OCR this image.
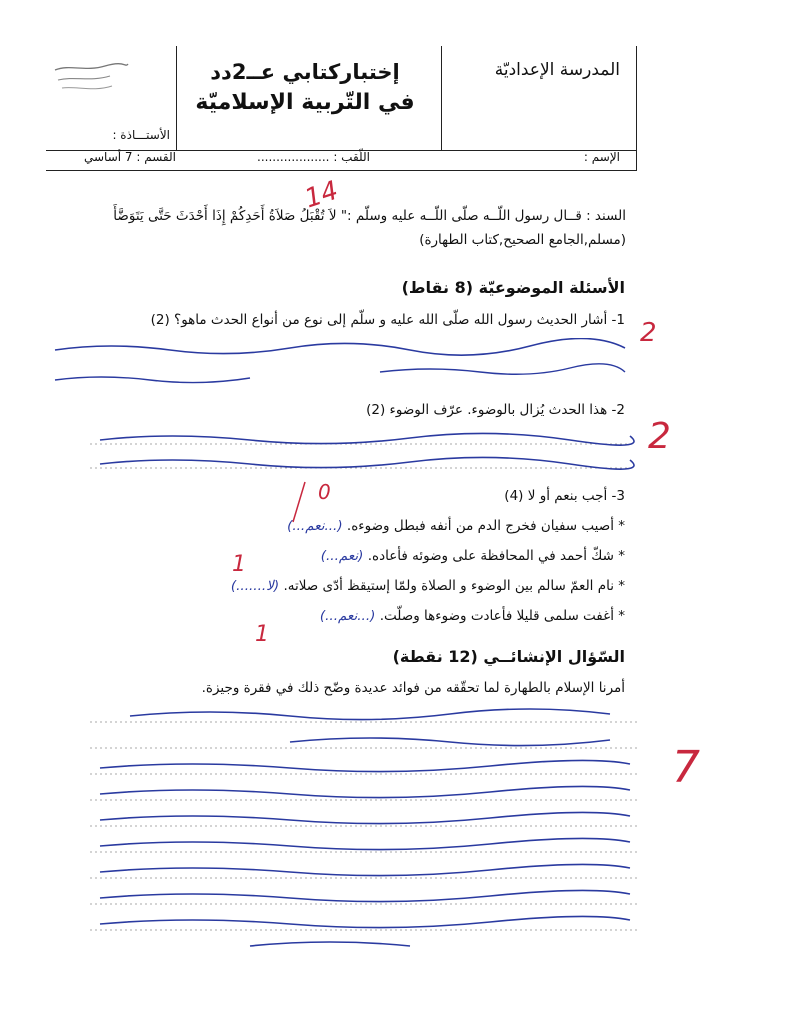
المدرسة الإعداديّة
إختباركتابي عــ2دد
في التّربية الإسلاميّة
الأستـــاذة :
الإسم :
اللّقب : ...................
القسم : 7 أساسي
السند : قــال رسول اللّــه صلّى اللّــه عليه وسلّم :" لاَ تُقْبَلُ صَلاَةُ أَحَدِكُمْ إِذَا أَحْدَثَ حَتَّى يَتَوَضَّأَ
(مسلم,الجامع الصحيح,كتاب الطهارة)
14
الأسئلة الموضوعيّة (8 نقاط)
1- أشار الحديث رسول الله صلّى الله عليه و سلّم إلى نوع من أنواع الحدث ماهو؟ (2) 2
2- هذا الحدث يُزال بالوضوء. عرّف الوضوء (2)
2
3- أجب بنعم أو لا (4)
0
* أصيب سفيان فخرج الدم من أنفه فبطل وضوءه. (...نعم...)
* شكّ أحمد في المحافظة على وضوئه فأعاده. (نعم...)
1
* نام العمّ سالم بين الوضوء و الصلاة ولمّا إستيقظ أدّى صلاته. (لا.......)
* أغفت سلمى قليلا فأعادت وضوءها وصلّت. (...نعم...)
1
السّؤال الإنشائــي (12 نقطة)
أمرنا الإسلام بالطهارة لما تحقّقه من فوائد عديدة وضّح ذلك في فقرة وجيزة.
7
